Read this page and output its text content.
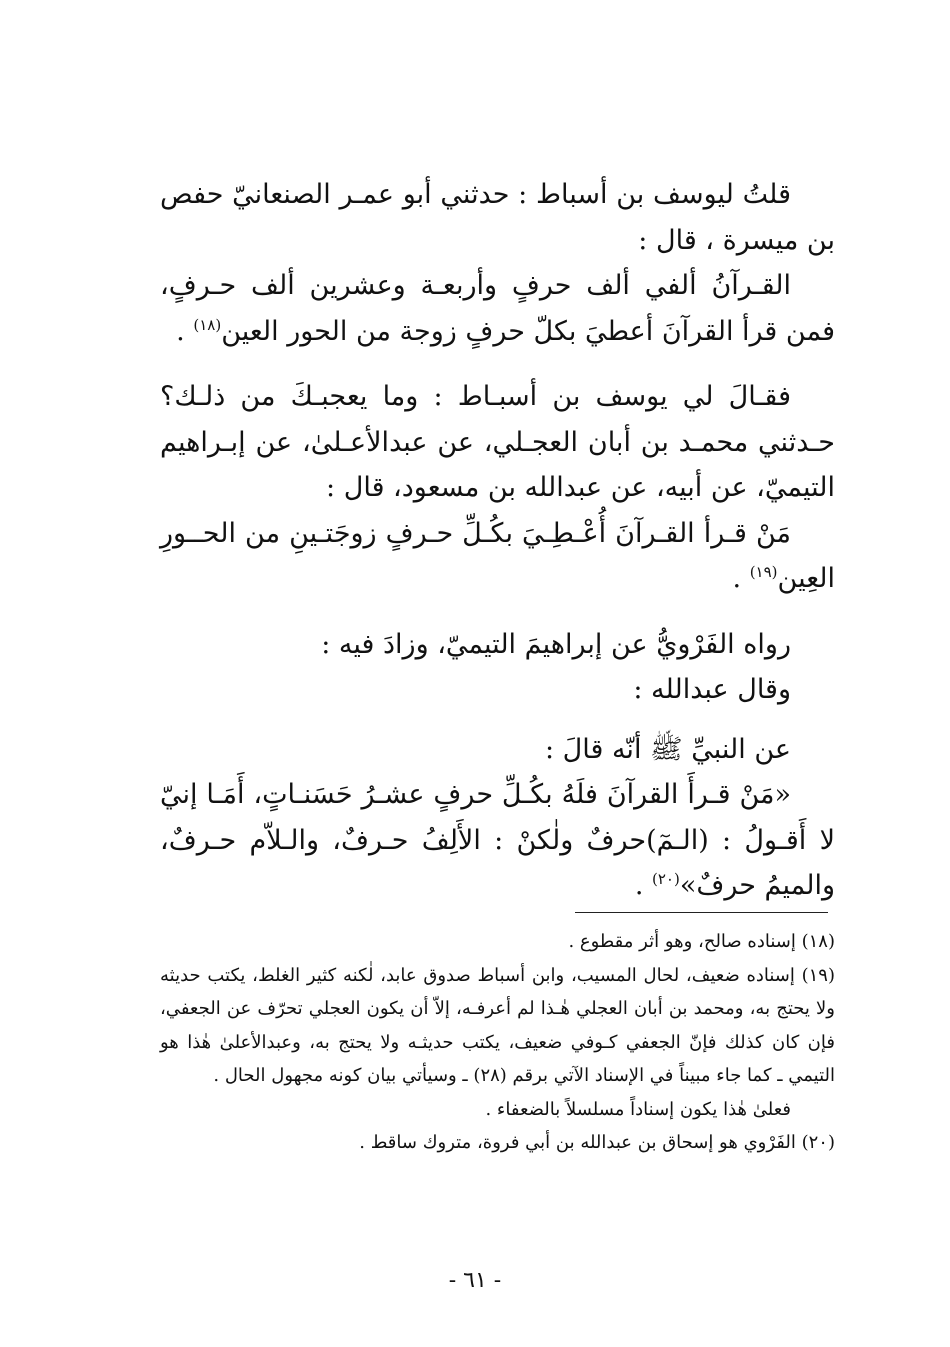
قلتُ ليوسف بن أسباط : حدثني أبو عمـر الصنعانيّ حفص بن ميسرة ، قال :

القـرآنُ ألفي ألف حرفٍ وأربعـة وعشرين ألف حـرفٍ، فمن قرأ القرآنَ أعطيَ بكلّ حرفٍ زوجة من الحور العين$^{(١٨)}$ .

فقـالَ لي يوسف بن أسبـاط : وما يعجبـكَ من ذلـك؟ حـدثني محمـد بن أبان العجـلي، عن عبدالأعـلىٰ، عن إبـراهيم التيميّ، عن أبيه، عن عبدالله بن مسعود، قال :

مَنْ قـرأ القـرآنَ أُعْـطِـيَ بكُـلِّ حـرفٍ زوجَتـينِ من الحــورِ العِين$^{(١٩)}$ .

رواه الفَرْويُّ عن إبراهيمَ التيميّ، وزادَ فيه :

وقال عبدالله :

عن النبيِّ ﷺ أنّه قالَ :

«مَنْ قـرأَ القرآنَ فلَهُ بكُـلِّ حرفٍ عشـرُ حَسَنـاتٍ، أَمَـا إنيّ لا أَقـولُ : (الـمٓ)حرفٌ ولٰكنْ : الأَلِفُ حـرفٌ، والـلاّم حـرفٌ، والميمُ حرفٌ»$^{(٢٠)}$ .

(١٨) إسناده صالح، وهو أثر مقطوع .

(١٩) إسناده ضعيف، لحال المسيب، وابن أسباط صدوق عابد، لٰكنه كثير الغلط، يكتب حديثه ولا يحتج به، ومحمد بن أبان العجلي هٰـذا لم أعرفـه، إلاّ أن يكون العجلي تحرّف عن الجعفي، فإن كان كذلك فإنّ الجعفي كـوفي ضعيف، يكتب حديثـه ولا يحتج به، وعبدالأعلىٰ هٰذا هو التيمي ـ كما جاء مبيناً في الإسناد الآتي برقم (٢٨) ـ وسيأتي بيان كونه مجهول الحال .

فعلىٰ هٰذا يكون إسناداً مسلسلاً بالضعفاء .

(٢٠) الفَرْوي هو إسحاق بن عبدالله بن أبي فروة، متروك ساقط .

- ٦١ -
